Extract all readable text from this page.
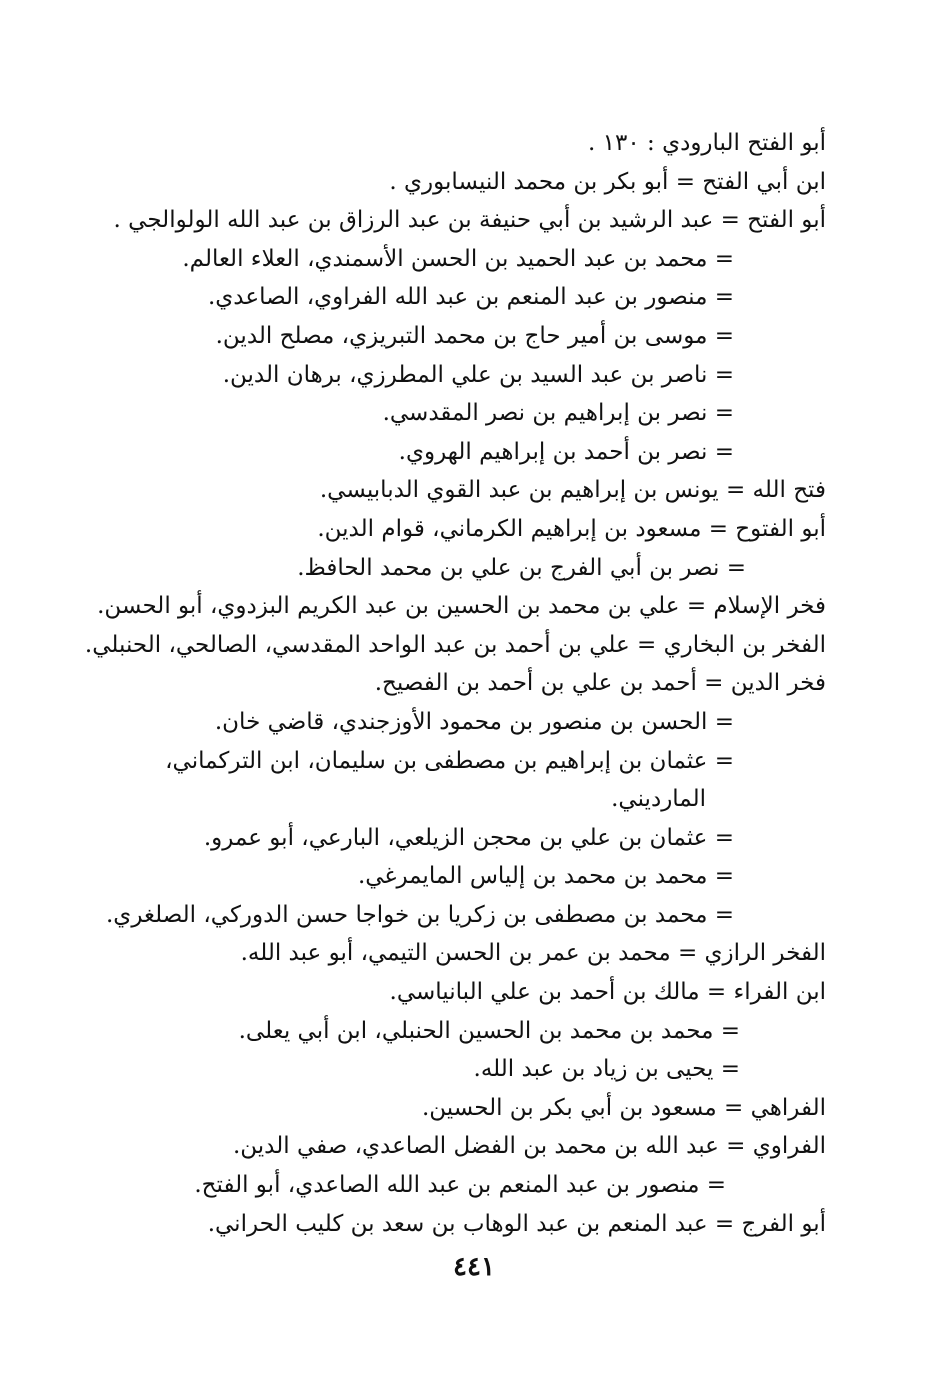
أبو الفتح البارودي : ١٣٠ .
ابن أبي الفتح = أبو بكر بن محمد النيسابوري .
أبو الفتح = عبد الرشيد بن أبي حنيفة بن عبد الرزاق بن عبد الله الولوالجي .
= محمد بن عبد الحميد بن الحسن الأسمندي، العلاء العالم.
= منصور بن عبد المنعم بن عبد الله الفراوي، الصاعدي.
= موسى بن أمير حاج بن محمد التبريزي، مصلح الدين.
= ناصر بن عبد السيد بن علي المطرزي، برهان الدين.
= نصر بن إبراهيم بن نصر المقدسي.
= نصر بن أحمد بن إبراهيم الهروي.
فتح الله = يونس بن إبراهيم بن عبد القوي الدبابيسي.
أبو الفتوح = مسعود بن إبراهيم الكرماني، قوام الدين.
= نصر بن أبي الفرج بن علي بن محمد الحافظ.
فخر الإسلام = علي بن محمد بن الحسين بن عبد الكريم البزدوي، أبو الحسن.
الفخر بن البخاري = علي بن أحمد بن عبد الواحد المقدسي، الصالحي، الحنبلي.
فخر الدين = أحمد بن علي بن أحمد بن الفصيح.
= الحسن بن منصور بن محمود الأوزجندي، قاضي خان.
= عثمان بن إبراهيم بن مصطفى بن سليمان، ابن التركماني،
المارديني.
= عثمان بن علي بن محجن الزيلعي، البارعي، أبو عمرو.
= محمد بن محمد بن إلياس المايمرغي.
= محمد بن مصطفى بن زكريا بن خواجا حسن الدوركي، الصلغري.
الفخر الرازي = محمد بن عمر بن الحسن التيمي، أبو عبد الله.
ابن الفراء = مالك بن أحمد بن علي البانياسي.
= محمد بن محمد بن الحسين الحنبلي، ابن أبي يعلى.
= يحيى بن زياد بن عبد الله.
الفراهي = مسعود بن أبي بكر بن الحسين.
الفراوي = عبد الله بن محمد بن الفضل الصاعدي، صفي الدين.
= منصور بن عبد المنعم بن عبد الله الصاعدي، أبو الفتح.
أبو الفرج = عبد المنعم بن عبد الوهاب بن سعد بن كليب الحراني.
٤٤١
